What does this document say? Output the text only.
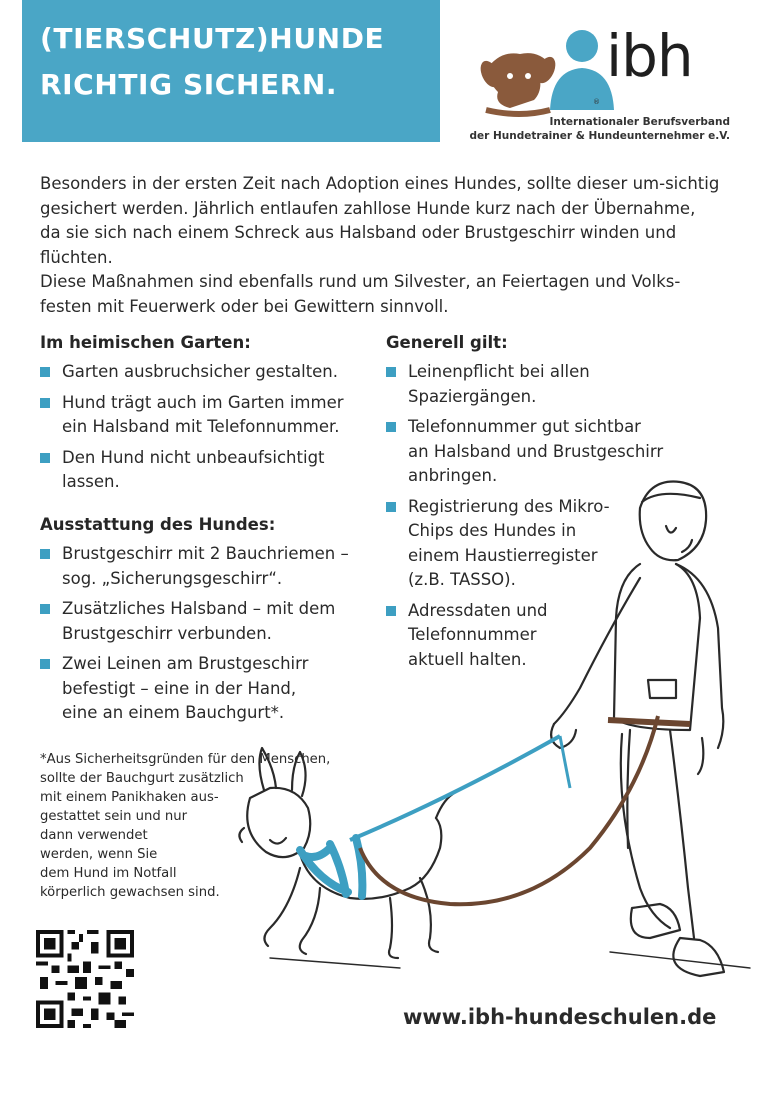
(TIERSCHUTZ)HUNDE
RICHTIG SICHERN.
®
ibh
Internationaler Berufsverband
der Hundetrainer & Hundeunternehmer e.V.

Besonders in der ersten Zeit nach Adoption eines Hundes, sollte dieser um-sichtig gesichert werden. Jährlich entlaufen zahllose Hunde kurz nach der Übernahme, da sie sich nach einem Schreck aus Halsband oder Brustgeschirr winden und flüchten.

Diese Maßnahmen sind ebenfalls rund um Silvester, an Feiertagen und Volks-festen mit Feuerwerk oder bei Gewittern sinnvoll.

Im heimischen Garten:
Garten ausbruchsicher gestalten.
Hund trägt auch im Garten immer
ein Halsband mit Telefonnummer.
Den Hund nicht unbeaufsichtigt
lassen.
Ausstattung des Hundes:
Brustgeschirr mit 2 Bauchriemen –
sog. „Sicherungsgeschirr“.
Zusätzliches Halsband – mit dem
Brustgeschirr verbunden.
Zwei Leinen am Brustgeschirr
befestigt – eine in der Hand,
eine an einem Bauchgurt*.
Generell gilt:
Leinenpflicht bei allen
Spaziergängen.
Telefonnummer gut sichtbar
an Halsband und Brustgeschirr
anbringen.
Registrierung des Mikro-
Chips des Hundes in
einem Haustierregister
(z.B. TASSO).
Adressdaten und
Telefonnummer
aktuell halten.
*Aus Sicherheitsgründen für den Menschen,
sollte der Bauchgurt zusätzlich
mit einem Panikhaken aus-
gestattet sein und nur
dann verwendet
werden, wenn Sie
dem Hund im Notfall
körperlich gewachsen sind.
www.ibh-hundeschulen.de
